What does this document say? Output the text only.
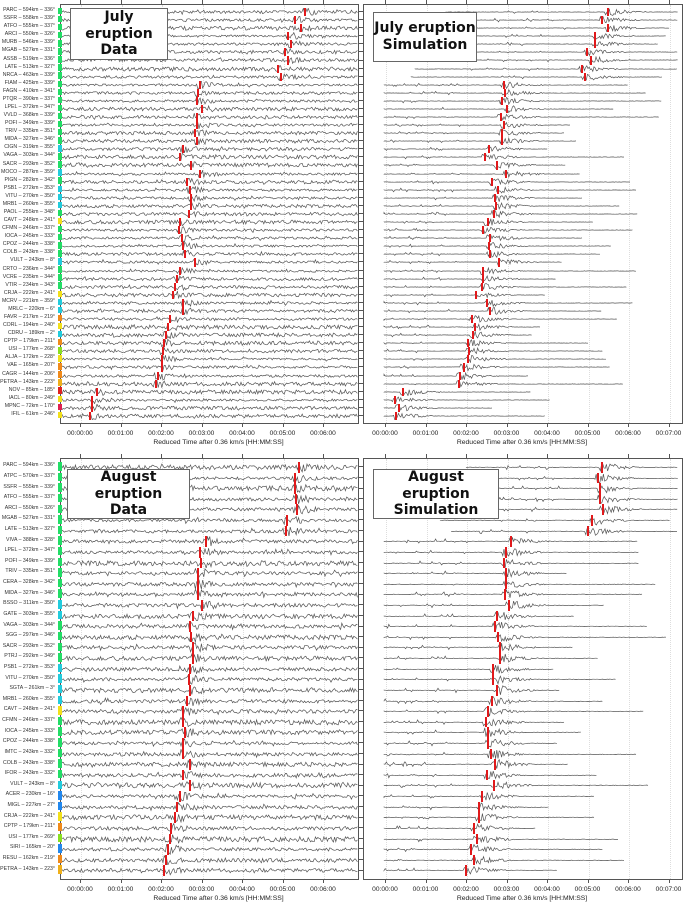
PARC – 594km – 336°
SSFR – 558km – 339°
ATFO – 555km – 337°
ARCI – 550km – 326°
MURB – 546km – 339°
MGAB – 527km – 331°
ASSB – 519km – 336°
LATE – 513km – 327°
NRCA – 463km – 339°
FIAM – 425km – 339°
FAGN – 410km – 341°
PTQR – 390km – 337°
LPEL – 372km – 347°
VVLD – 368km – 339°
POFI – 349km – 339°
TRIV – 335km – 351°
MIDA – 327km – 346°
CIGN – 319km – 355°
VAGA – 303km – 344°
SACR – 293km – 352°
MOCO – 287km – 359°
PIGN – 282km – 342°
PSB1 – 272km – 353°
VITU – 270km – 350°
MRB1 – 260km – 355°
PAOL – 255km – 348°
CAVT – 248km – 241°
CFMN – 246km – 337°
IOCA – 245km – 333°
CPOZ – 244km – 338°
COLB – 243km – 338°
VULT – 243km – 8°
CRTO – 236km – 344°
VCRE – 235km – 344°
VTIR – 234km – 343°
CRJA – 222km – 241°
MCRV – 221km – 359°
MRLC – 220km – 6°
FAVR – 217km – 219°
CORL – 194km – 240°
CDRU – 189km – 2°
CPTP – 179km – 211°
USI – 177km – 268°
ALJA – 172km – 228°
VAE – 165km – 207°
CAGR – 144km – 206°
PETRA – 143km – 223°
NOV – 85km – 185°
IACL – 80km – 249°
MPNC – 72km – 170°
IFIL – 61km – 246°
00:00:00 00:01:00 00:02:00 00:03:00 00:04:00 00:05:00 00:06:00
Reduced Time after 0.36 km/s [HH:MM:SS]
July eruption
Data
00:00:00 00:01:00 00:02:00 00:03:00 00:04:00 00:05:00 00:06:00 00:07:00
Reduced Time after 0.36 km/s [HH:MM:SS]
July eruption
Simulation
PARC – 594km – 336°
ATPC – 570km – 337°
SSFR – 555km – 339°
ATFO – 555km – 337°
ARCI – 550km – 326°
MGAB – 527km – 331°
LATE – 513km – 327°
VIVA – 388km – 328°
LPEL – 372km – 347°
POFI – 349km – 339°
TRIV – 335km – 351°
CERA – 328km – 342°
MIDA – 327km – 346°
BSSO – 311km – 350°
GATE – 303km – 355°
VAGA – 303km – 344°
SGG – 297km – 346°
SACR – 293km – 352°
PTRJ – 292km – 349°
PSB1 – 272km – 353°
VITU – 270km – 350°
SGTA – 261km – 3°
MRB1 – 260km – 355°
CAVT – 248km – 241°
CFMN – 246km – 337°
IOCA – 245km – 333°
CPOZ – 244km – 338°
IMTC – 243km – 332°
COLB – 243km – 338°
IFOR – 243km – 332°
VULT – 243km – 8°
ACER – 230km – 16°
MIGL – 227km – 27°
CRJA – 222km – 241°
CPTP – 179km – 211°
USI – 177km – 269°
SIRI – 165km – 20°
RESU – 162km – 219°
PETRA – 143km – 223°
00:00:00 00:01:00 00:02:00 00:03:00 00:04:00 00:05:00 00:06:00
Reduced Time after 0.36 km/s [HH:MM:SS]
August eruption
Data
00:00:00 00:01:00 00:02:00 00:03:00 00:04:00 00:05:00 00:06:00 00:07:00
Reduced Time after 0.36 km/s [HH:MM:SS]
August eruption
Simulation
